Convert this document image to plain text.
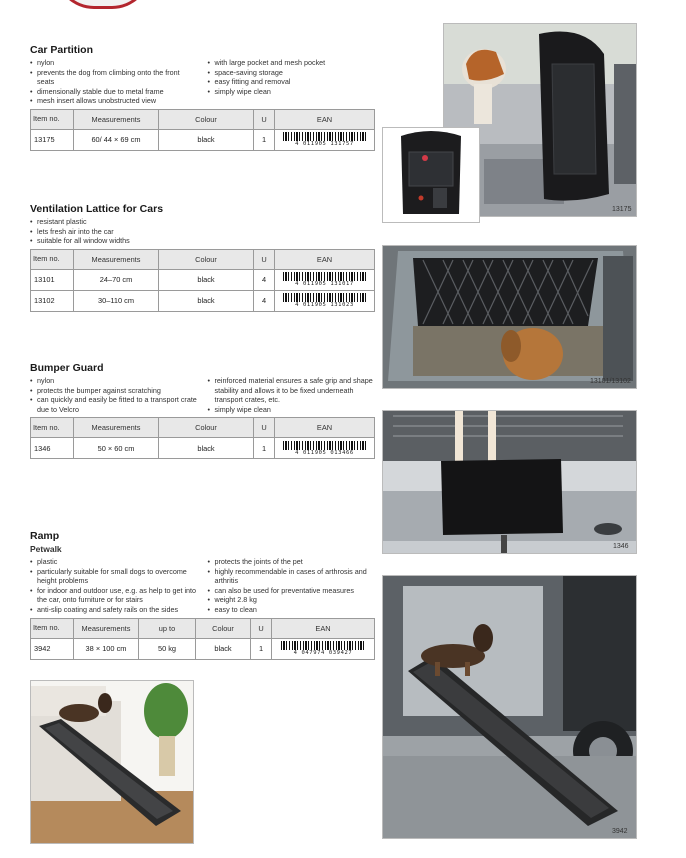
Car Partition
• nylon
• prevents the dog from climbing onto the front seats
• dimensionally stable due to metal frame
• mesh insert allows unobstructed view
• with large pocket and mesh pocket
• space-saving storage
• easy fitting and removal
• simply wipe clean
Item no.	Measurements	Colour	U	EAN
13175	60/ 44 × 69 cm	black	1	4 011905 131757
Ventilation Lattice for Cars
• resistant plastic
• lets fresh air into the car
• suitable for all window widths
Item no.	Measurements	Colour	U	EAN
13101	24–70 cm	black	4	4 011905 131017

13102	30–110 cm	black	4	4 011905 131023
Bumper Guard
• nylon
• protects the bumper against scratching
• can quickly and easily be fitted to a transport crate due to Velcro
• reinforced material ensures a safe grip and shape stability and allows it to be fixed underneath transport crates, etc.
• simply wipe clean
Item no.	Measurements	Colour	U	EAN
1346	50 × 60 cm	black	1	4 011905 013466
Ramp
Petwalk
• plastic
• particularly suitable for small dogs to overcome height problems
• for indoor and outdoor use, e.g. as help to get into the car, onto furniture or for stairs
• anti-slip coating and safety rails on the sides
• protects the joints of the pet
• highly recommendable in cases of arthrosis and arthritis
• can also be used for preventative measures
• weight 2.8 kg
• easy to clean
Item no.	Measurements	up to	Colour	U	EAN
3942	38 × 100 cm	50 kg	black	1	4 047974 039427
13175
13101/13102
1346
3942
